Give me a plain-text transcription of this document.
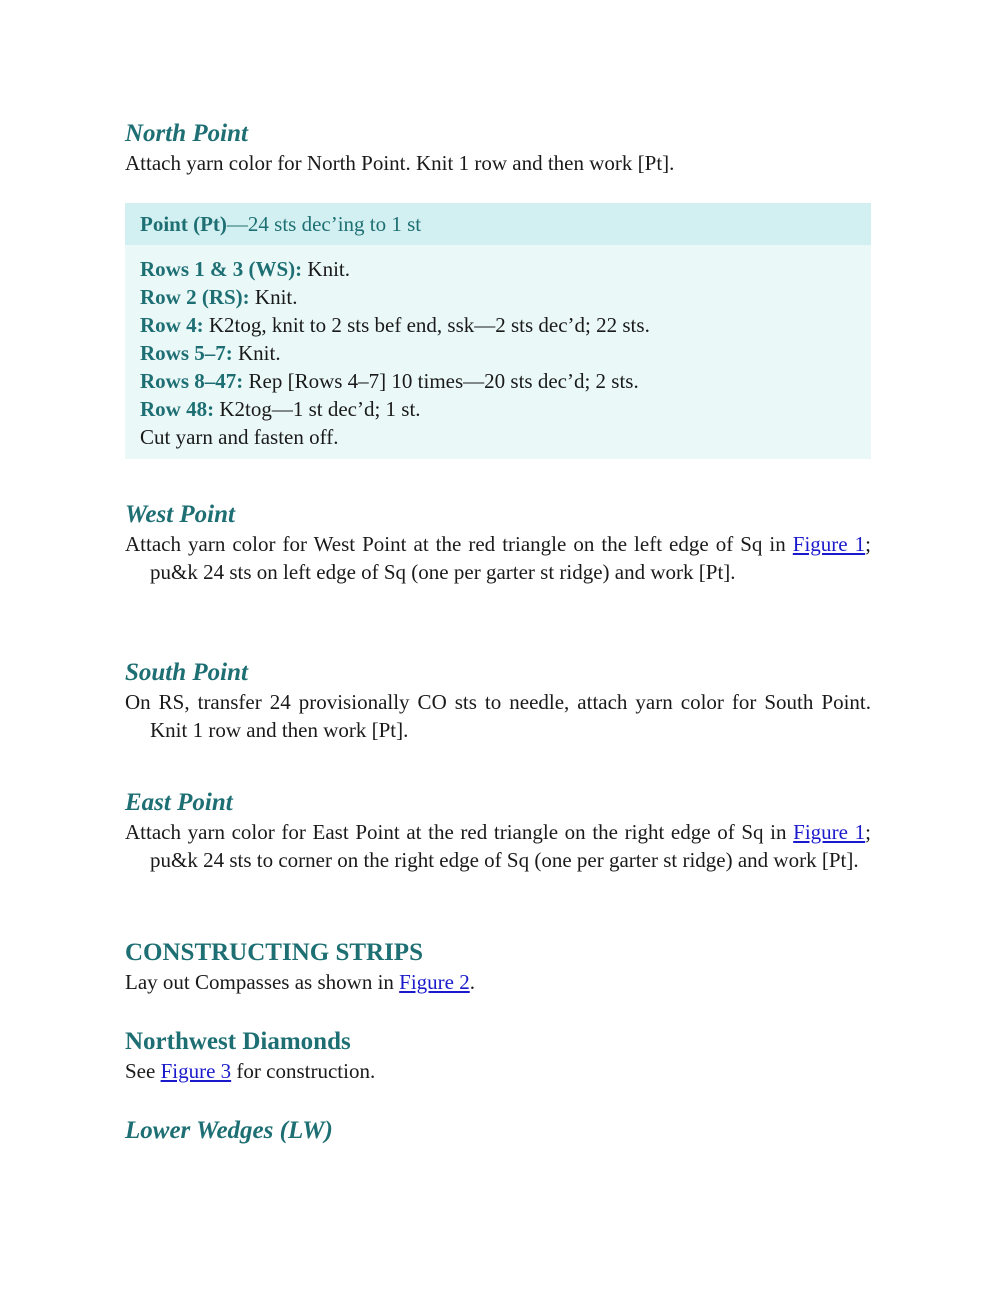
North Point

Attach yarn color for North Point. Knit 1 row and then work [Pt].

Point (Pt)—24 sts dec’ing to 1 st
Rows 1 & 3 (WS): Knit.
Row 2 (RS): Knit.
Row 4: K2tog, knit to 2 sts bef end, ssk—2 sts dec’d; 22 sts.
Rows 5–7: Knit.
Rows 8–47: Rep [Rows 4–7] 10 times—20 sts dec’d; 2 sts.
Row 48: K2tog—1 st dec’d; 1 st.
Cut yarn and fasten off.
West Point

Attach yarn color for West Point at the red triangle on the left edge of Sq in Figure 1; pu&k 24 sts on left edge of Sq (one per garter st ridge) and work [Pt].

South Point

On RS, transfer 24 provisionally CO sts to needle, attach yarn color for South Point. Knit 1 row and then work [Pt].

East Point

Attach yarn color for East Point at the red triangle on the right edge of Sq in Figure 1; pu&k 24 sts to corner on the right edge of Sq (one per garter st ridge) and work [Pt].

CONSTRUCTING STRIPS

Lay out Compasses as shown in Figure 2.

Northwest Diamonds

See Figure 3 for construction.

Lower Wedges (LW)
